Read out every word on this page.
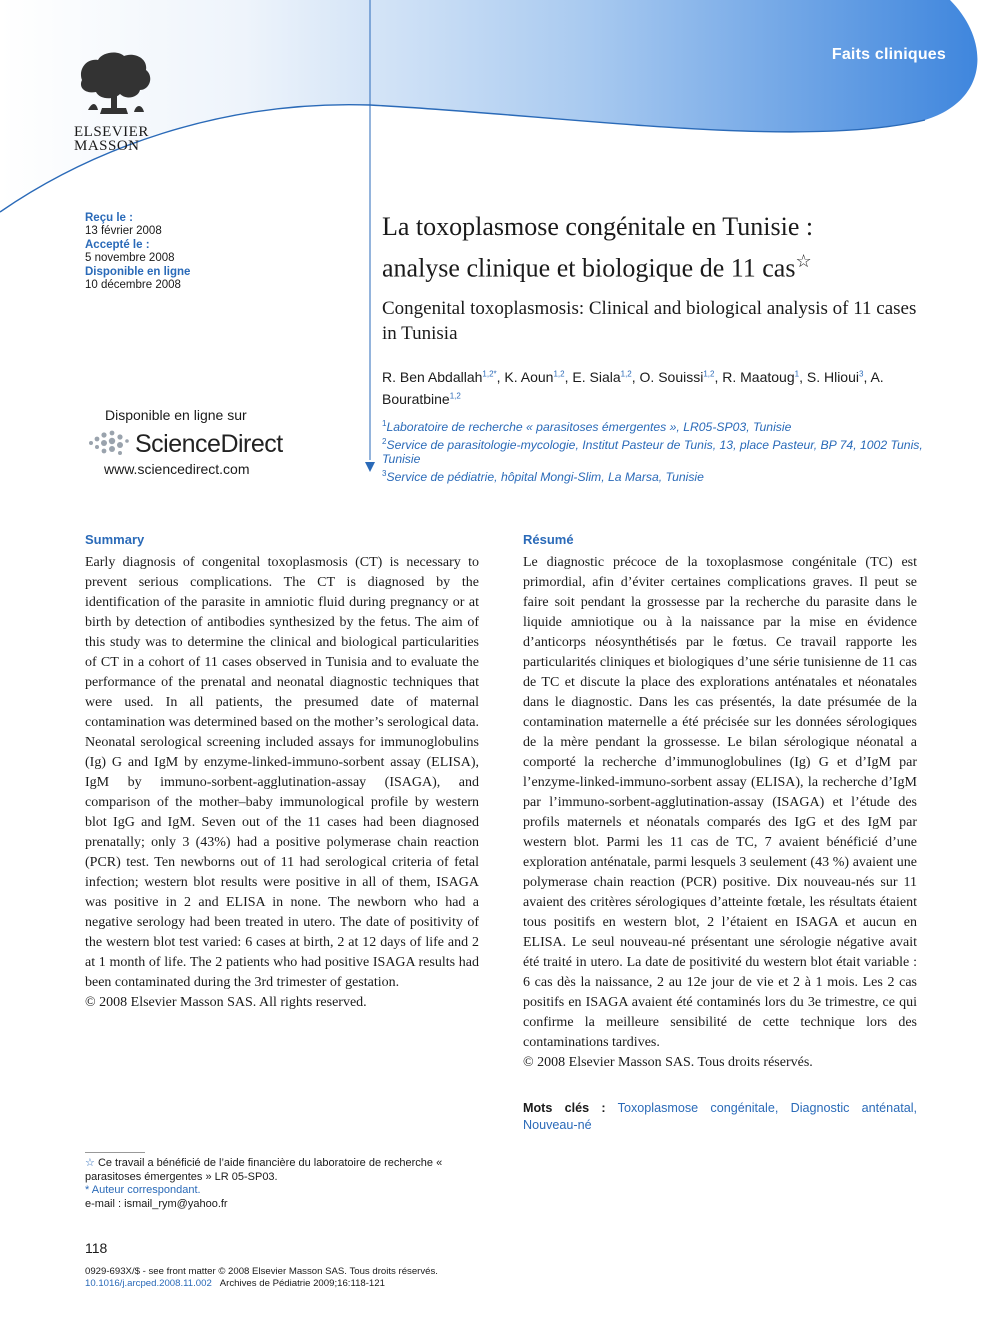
Faits cliniques
ELSEVIER
MASSON
Reçu le :
13 février 2008
Accepté le :
5 novembre 2008
Disponible en ligne
10 décembre 2008
Disponible en ligne sur
ScienceDirect
www.sciencedirect.com
La toxoplasmose congénitale en Tunisie :
analyse clinique et biologique de 11 cas☆
Congenital toxoplasmosis: Clinical and biological analysis of 11 cases in Tunisia
R. Ben Abdallah$^{1,2*}$, K. Aoun$^{1,2}$, E. Siala$^{1,2}$, O. Souissi$^{1,2}$, R. Maatoug$^1$, S. Hlioui$^3$, A. Bouratbine$^{1,2}$
$^1$Laboratoire de recherche « parasitoses émergentes », LR05-SP03, Tunisie
$^2$Service de parasitologie-mycologie, Institut Pasteur de Tunis, 13, place Pasteur, BP 74, 1002 Tunis, Tunisie
$^3$Service de pédiatrie, hôpital Mongi-Slim, La Marsa, Tunisie
Summary

Early diagnosis of congenital toxoplasmosis (CT) is necessary to prevent serious complications. The CT is diagnosed by the identification of the parasite in amniotic fluid during pregnancy or at birth by detection of antibodies synthesized by the fetus. The aim of this study was to determine the clinical and biological particularities of CT in a cohort of 11 cases observed in Tunisia and to evaluate the performance of the prenatal and neonatal diagnostic techniques that were used. In all patients, the presumed date of maternal contamination was determined based on the mother’s serological data. Neonatal serological screening included assays for immunoglobulins (Ig) G and IgM by enzyme-linked-immuno-sorbent assay (ELISA), IgM by immuno-sorbent-agglutination-assay (ISAGA), and comparison of the mother–baby immunological profile by western blot IgG and IgM. Seven out of the 11 cases had been diagnosed prenatally; only 3 (43%) had a positive polymerase chain reaction (PCR) test. Ten newborns out of 11 had serological criteria of fetal infection; western blot results were positive in all of them, ISAGA was positive in 2 and ELISA in none. The newborn who had a negative serology had been treated in utero. The date of positivity of the western blot test varied: 6 cases at birth, 2 at 12 days of life and 2 at 1 month of life. The 2 patients who had positive ISAGA results had been contaminated during the 3rd trimester of gestation.

© 2008 Elsevier Masson SAS. All rights reserved.

Résumé

Le diagnostic précoce de la toxoplasmose congénitale (TC) est primordial, afin d’éviter certaines complications graves. Il peut se faire soit pendant la grossesse par la recherche du parasite dans le liquide amniotique ou à la naissance par la mise en évidence d’anticorps néosynthétisés par le fœtus. Ce travail rapporte les particularités cliniques et biologiques d’une série tunisienne de 11 cas de TC et discute la place des explorations anténatales et néonatales dans le diagnostic. Dans les cas présentés, la date présumée de la contamination maternelle a été précisée sur les données sérologiques de la mère pendant la grossesse. Le bilan sérologique néonatal a comporté la recherche d’immunoglobulines (Ig) G et d’IgM par l’enzyme-linked-immuno-sorbent assay (ELISA), la recherche d’IgM par l’immuno-sorbent-agglutination-assay (ISAGA) et l’étude des profils maternels et néonatals comparés des IgG et des IgM par western blot. Parmi les 11 cas de TC, 7 avaient bénéficié d’une exploration anténatale, parmi lesquels 3 seulement (43 %) avaient une polymerase chain reaction (PCR) positive. Dix nouveau-nés sur 11 avaient des critères sérologiques d’atteinte fœtale, les résultats étaient tous positifs en western blot, 2 l’étaient en ISAGA et aucun en ELISA. Le seul nouveau-né présentant une sérologie négative avait été traité in utero. La date de positivité du western blot était variable : 6 cas dès la naissance, 2 au 12e jour de vie et 2 à 1 mois. Les 2 cas positifs en ISAGA avaient été contaminés lors du 3e trimestre, ce qui confirme la meilleure sensibilité de cette technique lors des contaminations tardives.

© 2008 Elsevier Masson SAS. Tous droits réservés.

Mots clés : Toxoplasmose congénitale, Diagnostic anténatal, Nouveau-né
☆ Ce travail a bénéficié de l’aide financière du laboratoire de recherche « parasitoses émergentes » LR 05-SP03.
* Auteur correspondant.
e-mail : ismail_rym@yahoo.fr
118
0929-693X/$ - see front matter © 2008 Elsevier Masson SAS. Tous droits réservés.
10.1016/j.arcped.2008.11.002 Archives de Pédiatrie 2009;16:118-121
